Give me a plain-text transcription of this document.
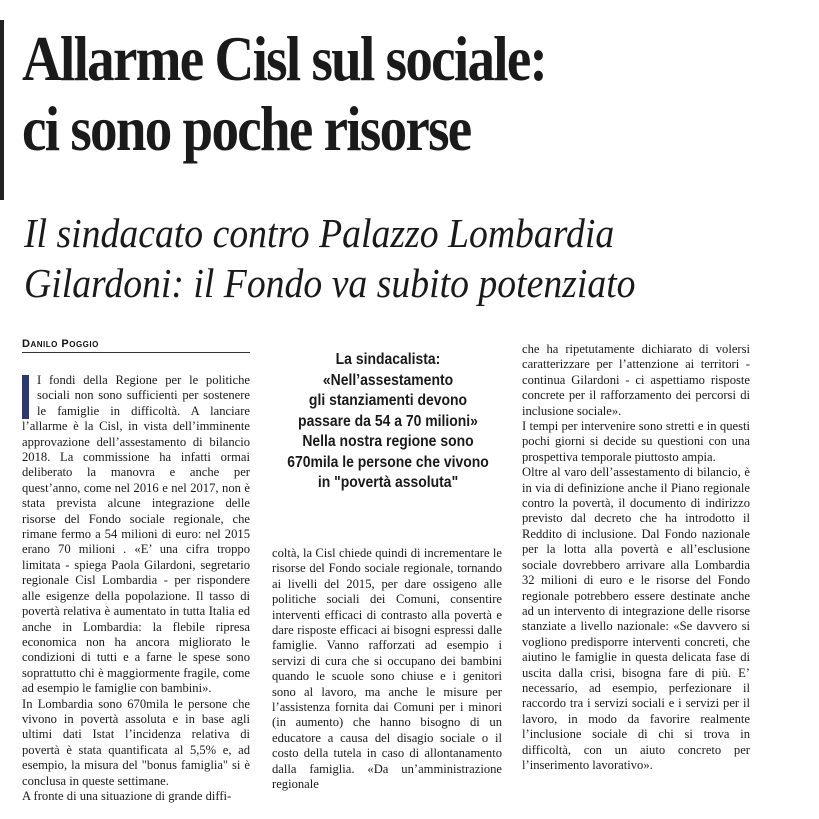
Allarme Cisl sul sociale:
ci sono poche risorse
Il sindacato contro Palazzo Lombardia
Gilardoni: il Fondo va subito potenziato
Danilo Poggio

I fondi della Regione per le politiche sociali non sono sufficienti per sostenere le famiglie in difficoltà. A lanciare l’allarme è la Cisl, in vista dell’imminente approvazione dell’assestamento di bilancio 2018. La commissione ha infatti ormai deliberato la manovra e anche per quest’anno, come nel 2016 e nel 2017, non è stata prevista alcune integrazione delle risorse del Fondo sociale regionale, che rimane fermo a 54 milioni di euro: nel 2015 erano 70 milioni . «E’ una cifra troppo limitata - spiega Paola Gilardoni, segretario regionale Cisl Lombardia - per rispondere alle esigenze della popolazione. Il tasso di povertà relativa è aumentato in tutta Italia ed anche in Lombardia: la flebile ripresa economica non ha ancora migliorato le condizioni di tutti e a farne le spese sono soprattutto chi è maggiormente fragile, come ad esempio le famiglie con bambini».

In Lombardia sono 670mila le persone che vivono in povertà assoluta e in base agli ultimi dati Istat l’incidenza relativa di povertà è stata quantificata al 5,5% e, ad esempio, la misura del "bonus famiglia" si è conclusa in queste settimane.

A fronte di una situazione di grande diffi-

La sindacalista:
«Nell’assestamento
gli stanziamenti devono
passare da 54 a 70 milioni»
Nella nostra regione sono
670mila le persone che vivono
in "povertà assoluta"

coltà, la Cisl chiede quindi di incrementare le risorse del Fondo sociale regionale, tornando ai livelli del 2015, per dare ossigeno alle politiche sociali dei Comuni, consentire interventi efficaci di contrasto alla povertà e dare risposte efficaci ai bisogni espressi dalle famiglie. Vanno rafforzati ad esempio i servizi di cura che si occupano dei bambini quando le scuole sono chiuse e i genitori sono al lavoro, ma anche le misure per l’assistenza fornita dai Comuni per i minori (in aumento) che hanno bisogno di un educatore a causa del disagio sociale o il costo della tutela in caso di allontanamento dalla famiglia. «Da un’amministrazione regionale

che ha ripetutamente dichiarato di volersi caratterizzare per l’attenzione ai territori - continua Gilardoni - ci aspettiamo risposte concrete per il rafforzamento dei percorsi di inclusione sociale».

I tempi per intervenire sono stretti e in questi pochi giorni si decide su questioni con una prospettiva temporale piuttosto ampia.

Oltre al varo dell’assestamento di bilancio, è in via di definizione anche il Piano regionale contro la povertà, il documento di indirizzo previsto dal decreto che ha introdotto il Reddito di inclusione. Dal Fondo nazionale per la lotta alla povertà e all’esclusione sociale dovrebbero arrivare alla Lombardia 32 milioni di euro e le risorse del Fondo regionale potrebbero essere destinate anche ad un intervento di integrazione delle risorse stanziate a livello nazionale: «Se davvero si vogliono predisporre interventi concreti, che aiutino le famiglie in questa delicata fase di uscita dalla crisi, bisogna fare di più. E’ necessario, ad esempio, perfezionare il raccordo tra i servizi sociali e i servizi per il lavoro, in modo da favorire realmente l’inclusione sociale di chi si trova in difficoltà, con un aiuto concreto per l’inserimento lavorativo».
